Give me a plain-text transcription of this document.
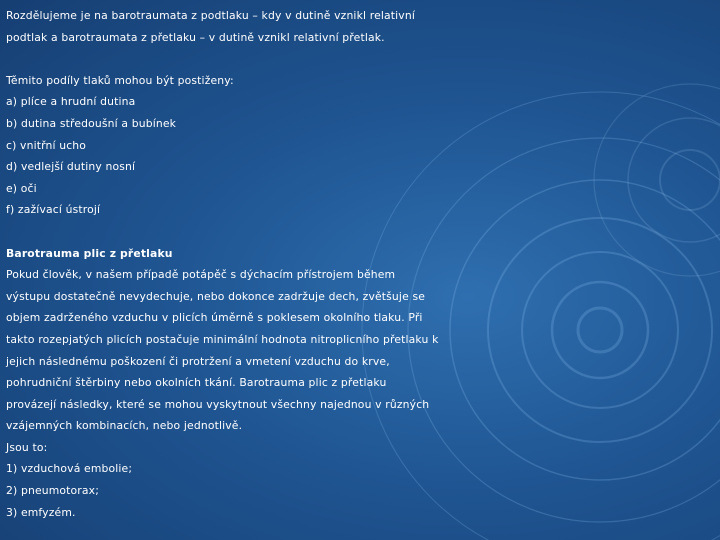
Rozdělujeme je na barotraumata z podtlaku – kdy v dutině vznikl relativní
podtlak a barotraumata z přetlaku – v dutině vznikl relativní přetlak.
Těmito podíly tlaků mohou být postiženy:
a) plíce a hrudní dutina
b) dutina středoušní a bubínek
c) vnitřní ucho
d) vedlejší dutiny nosní
e) oči
f) zažívací ústrojí
Barotrauma plic z přetlaku
Pokud člověk, v našem případě potápěč s dýchacím přístrojem během
výstupu dostatečně nevydechuje, nebo dokonce zadržuje dech, zvětšuje se
objem zadrženého vzduchu v plicích úměrně s poklesem okolního tlaku. Při
takto rozepjatých plicích postačuje minimální hodnota nitroplicního přetlaku k
jejich následnému poškození či protržení a vmetení vzduchu do krve,
pohrudniční štěrbiny nebo okolních tkání. Barotrauma plic z přetlaku
provázejí následky, které se mohou vyskytnout všechny najednou v různých
vzájemných kombinacích, nebo jednotlivě.
Jsou to:
1) vzduchová embolie;
2) pneumotorax;
3) emfyzém.
